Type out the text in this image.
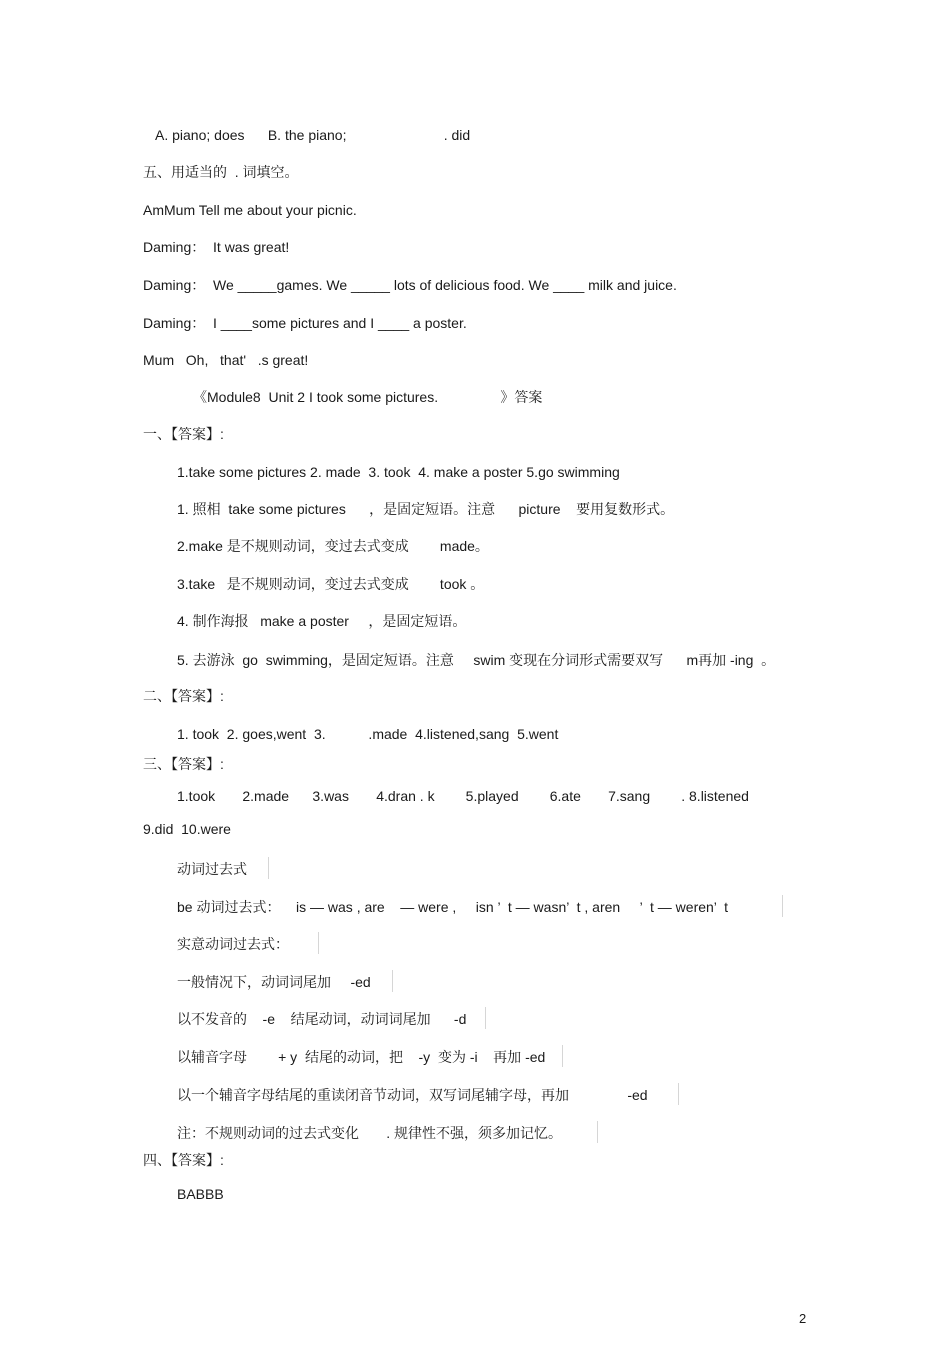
A. piano; does      B. the piano;                         . did
五、用适当的  . 词填空。
AmMum Tell me about your picnic.
Daming：  It was great!
Daming：  We _____games. We _____ lots of delicious food. We ____ milk and juice.
Daming：  I ____some pictures and I ____ a poster.
Mum   Oh,   that'   .s great!
《Module8  Unit 2 I took some pictures.                》答案
一、【答案】:
1.take some pictures 2. made  3. took  4. make a poster 5.go swimming
1. 照相  take some pictures      ，是固定短语。注意      picture    要用复数形式。
2.make 是不规则动词，变过去式变成        made。
3.take   是不规则动词，变过去式变成        took 。
4. 制作海报   make a poster     ，是固定短语。
5. 去游泳  go  swimming，是固定短语。注意     swim 变现在分词形式需要双写      m再加 -ing  。
二、【答案】:
1. took  2. goes,went  3.           .made  4.listened,sang  5.went
三、【答案】:
1.took       2.made      3.was       4.dran . k        5.played        6.ate       7.sang        . 8.listened
9.did  10.were
动词过去式
be 动词过去式：    is — was , are    — were ,     isn ’  t — wasn’  t , aren     ’  t — weren’  t
实意动词过去式：
一般情况下，动词词尾加     -ed
以不发音的    -e    结尾动词，动词词尾加      -d
以辅音字母        + y  结尾的动词，把    -y  变为 -i    再加 -ed
以一个辅音字母结尾的重读闭音节动词，双写词尾辅字母，再加               -ed
注：不规则动词的过去式变化       . 规律性不强，须多加记忆。
四、【答案】:
BABBB
2
